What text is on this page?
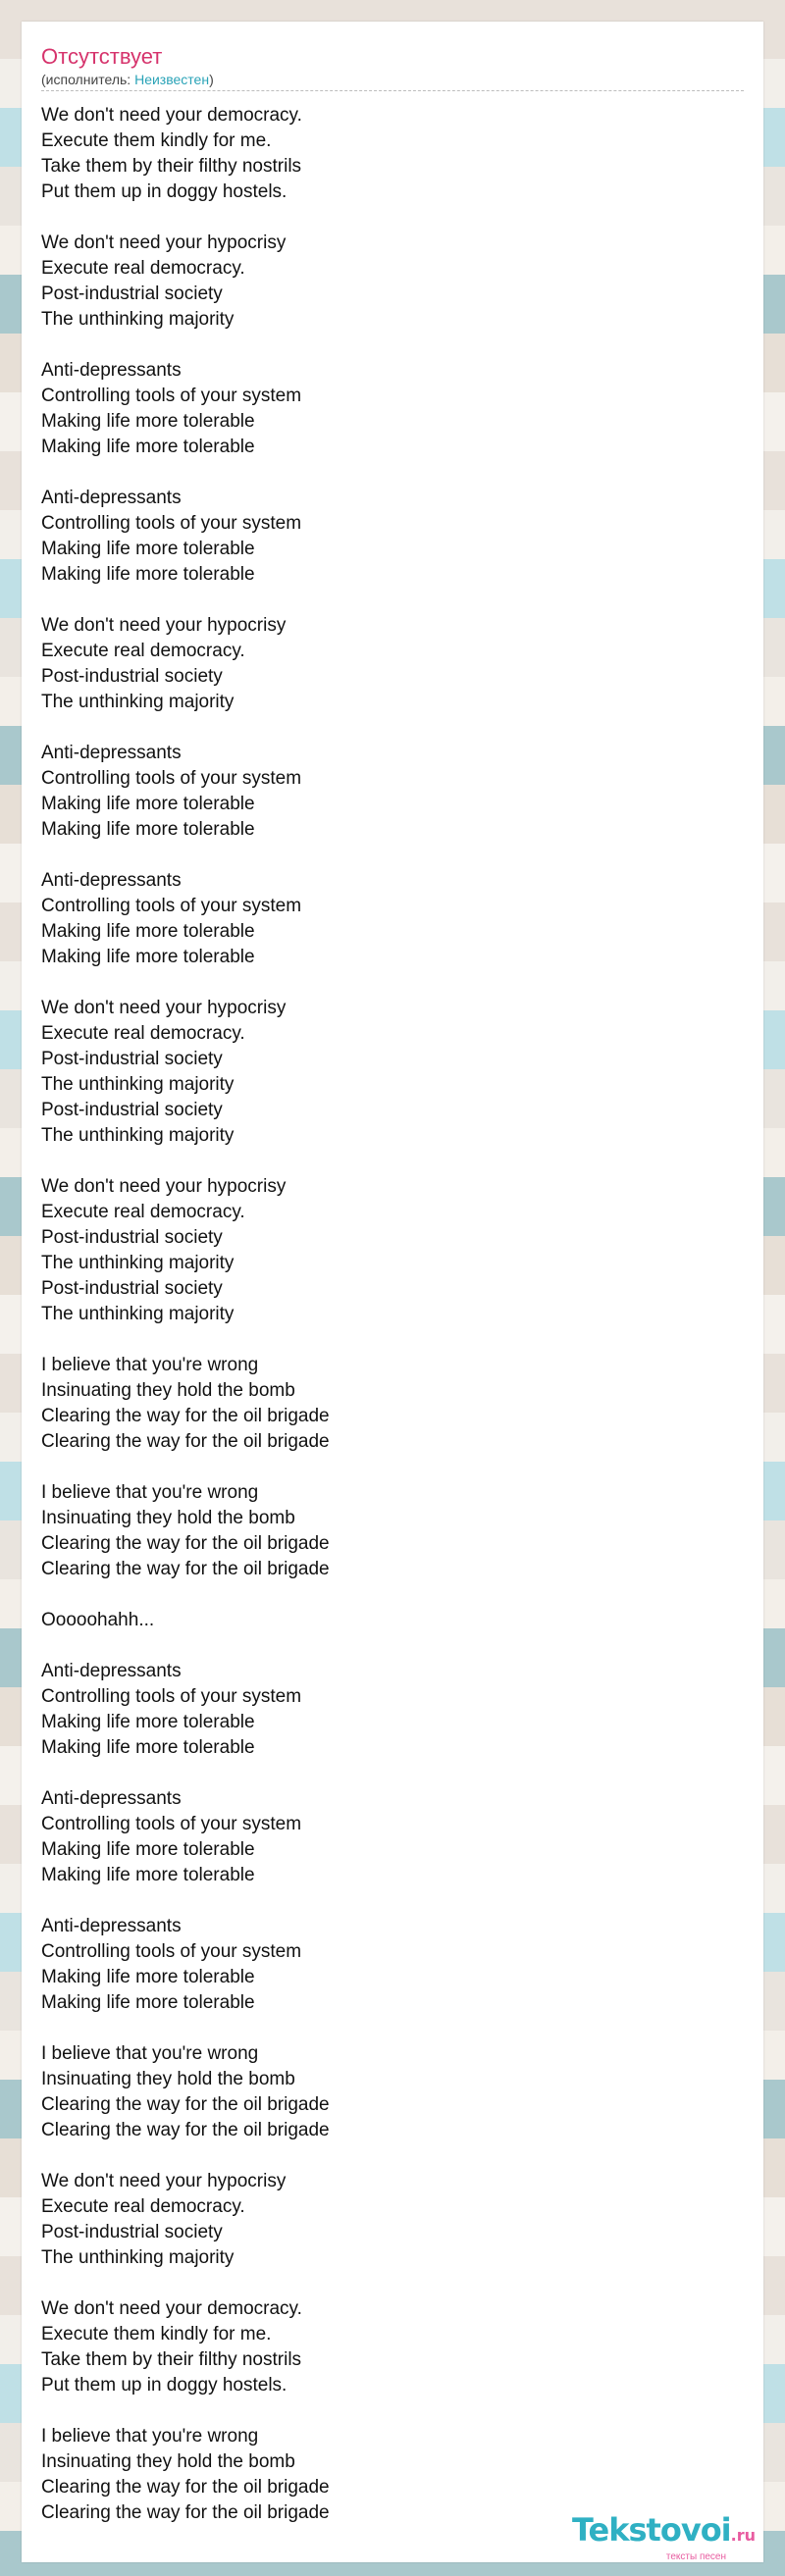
Отсутствует
(исполнитель: Неизвестен)
We don't need your democracy.
Execute them kindly for me.
Take them by their filthy nostrils
Put them up in doggy hostels.

We don't need your hypocrisy
Execute real democracy.
Post-industrial society
The unthinking majority

Anti-depressants
Controlling tools of your system
Making life more tolerable
Making life more tolerable

Anti-depressants
Controlling tools of your system
Making life more tolerable
Making life more tolerable

We don't need your hypocrisy
Execute real democracy.
Post-industrial society
The unthinking majority

Anti-depressants
Controlling tools of your system
Making life more tolerable
Making life more tolerable

Anti-depressants
Controlling tools of your system
Making life more tolerable
Making life more tolerable

We don't need your hypocrisy
Execute real democracy.
Post-industrial society
The unthinking majority
Post-industrial society
The unthinking majority

We don't need your hypocrisy
Execute real democracy.
Post-industrial society
The unthinking majority
Post-industrial society
The unthinking majority

I believe that you're wrong
Insinuating they hold the bomb
Clearing the way for the oil brigade
Clearing the way for the oil brigade

I believe that you're wrong
Insinuating they hold the bomb
Clearing the way for the oil brigade
Clearing the way for the oil brigade

Ooooohahh...

Anti-depressants
Controlling tools of your system
Making life more tolerable
Making life more tolerable

Anti-depressants
Controlling tools of your system
Making life more tolerable
Making life more tolerable

Anti-depressants
Controlling tools of your system
Making life more tolerable
Making life more tolerable

I believe that you're wrong
Insinuating they hold the bomb
Clearing the way for the oil brigade
Clearing the way for the oil brigade

We don't need your hypocrisy
Execute real democracy.
Post-industrial society
The unthinking majority

We don't need your democracy.
Execute them kindly for me.
Take them by their filthy nostrils
Put them up in doggy hostels.

I believe that you're wrong
Insinuating they hold the bomb
Clearing the way for the oil brigade
Clearing the way for the oil brigade	Tekstovoi.ru
тексты песен
